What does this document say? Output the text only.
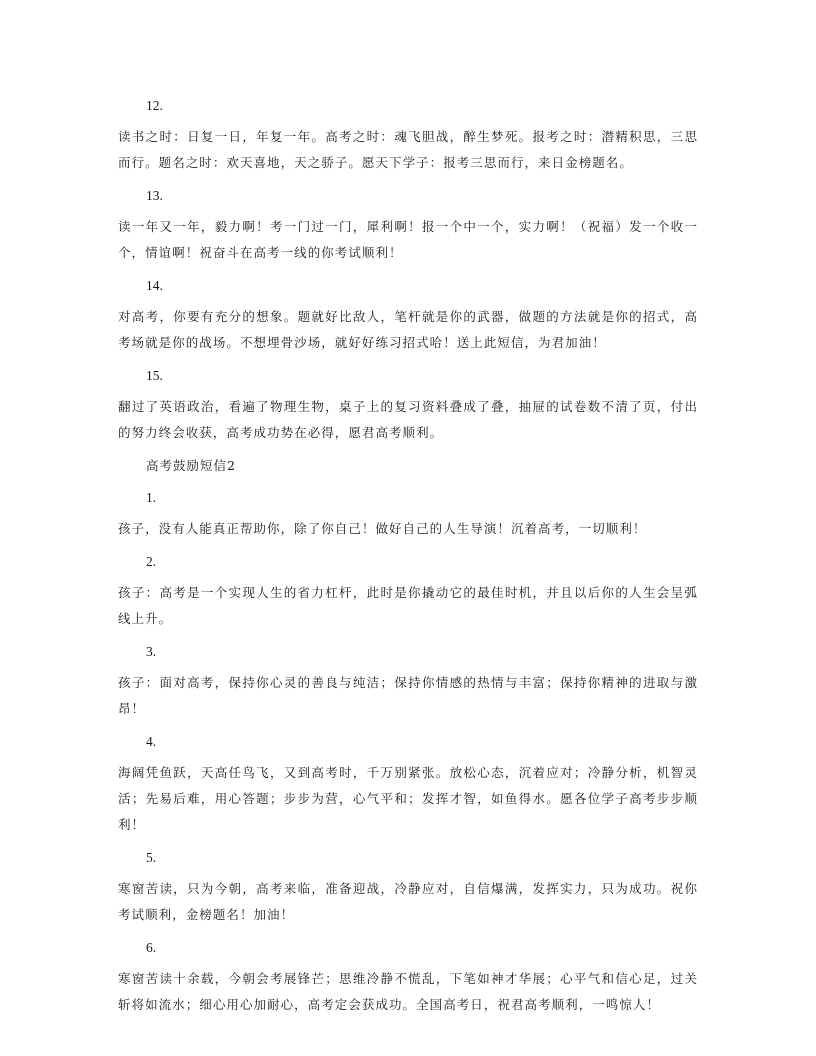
12.
读书之时：日复一日，年复一年。高考之时：魂飞胆战，醉生梦死。报考之时：潜精积思，三思而行。题名之时：欢天喜地，天之骄子。愿天下学子：报考三思而行，来日金榜题名。
13.
读一年又一年，毅力啊！考一门过一门，犀利啊！报一个中一个，实力啊！（祝福）发一个收一个，情谊啊！祝奋斗在高考一线的你考试顺利！
14.
对高考，你要有充分的想象。题就好比敌人，笔杆就是你的武器，做题的方法就是你的招式，高考场就是你的战场。不想埋骨沙场，就好好练习招式哈！送上此短信，为君加油！
15.
翻过了英语政治，看遍了物理生物，桌子上的复习资料叠成了叠，抽屉的试卷数不清了页，付出的努力终会收获，高考成功势在必得，愿君高考顺利。
高考鼓励短信2
1.
孩子，没有人能真正帮助你，除了你自己！做好自己的人生导演！沉着高考，一切顺利！
2.
孩子：高考是一个实现人生的省力杠杆，此时是你撬动它的最佳时机，并且以后你的人生会呈弧线上升。
3.
孩子：面对高考，保持你心灵的善良与纯洁；保持你情感的热情与丰富；保持你精神的进取与激昂！
4.
海阔凭鱼跃，天高任鸟飞，又到高考时，千万别紧张。放松心态，沉着应对；冷静分析，机智灵活；先易后难，用心答题；步步为营，心气平和；发挥才智，如鱼得水。愿各位学子高考步步顺利！
5.
寒窗苦读，只为今朝，高考来临，准备迎战，冷静应对，自信爆满，发挥实力，只为成功。祝你考试顺利，金榜题名！加油！
6.
寒窗苦读十余载，今朝会考展锋芒；思维冷静不慌乱，下笔如神才华展；心平气和信心足，过关斩将如流水；细心用心加耐心，高考定会获成功。全国高考日，祝君高考顺利，一鸣惊人！
